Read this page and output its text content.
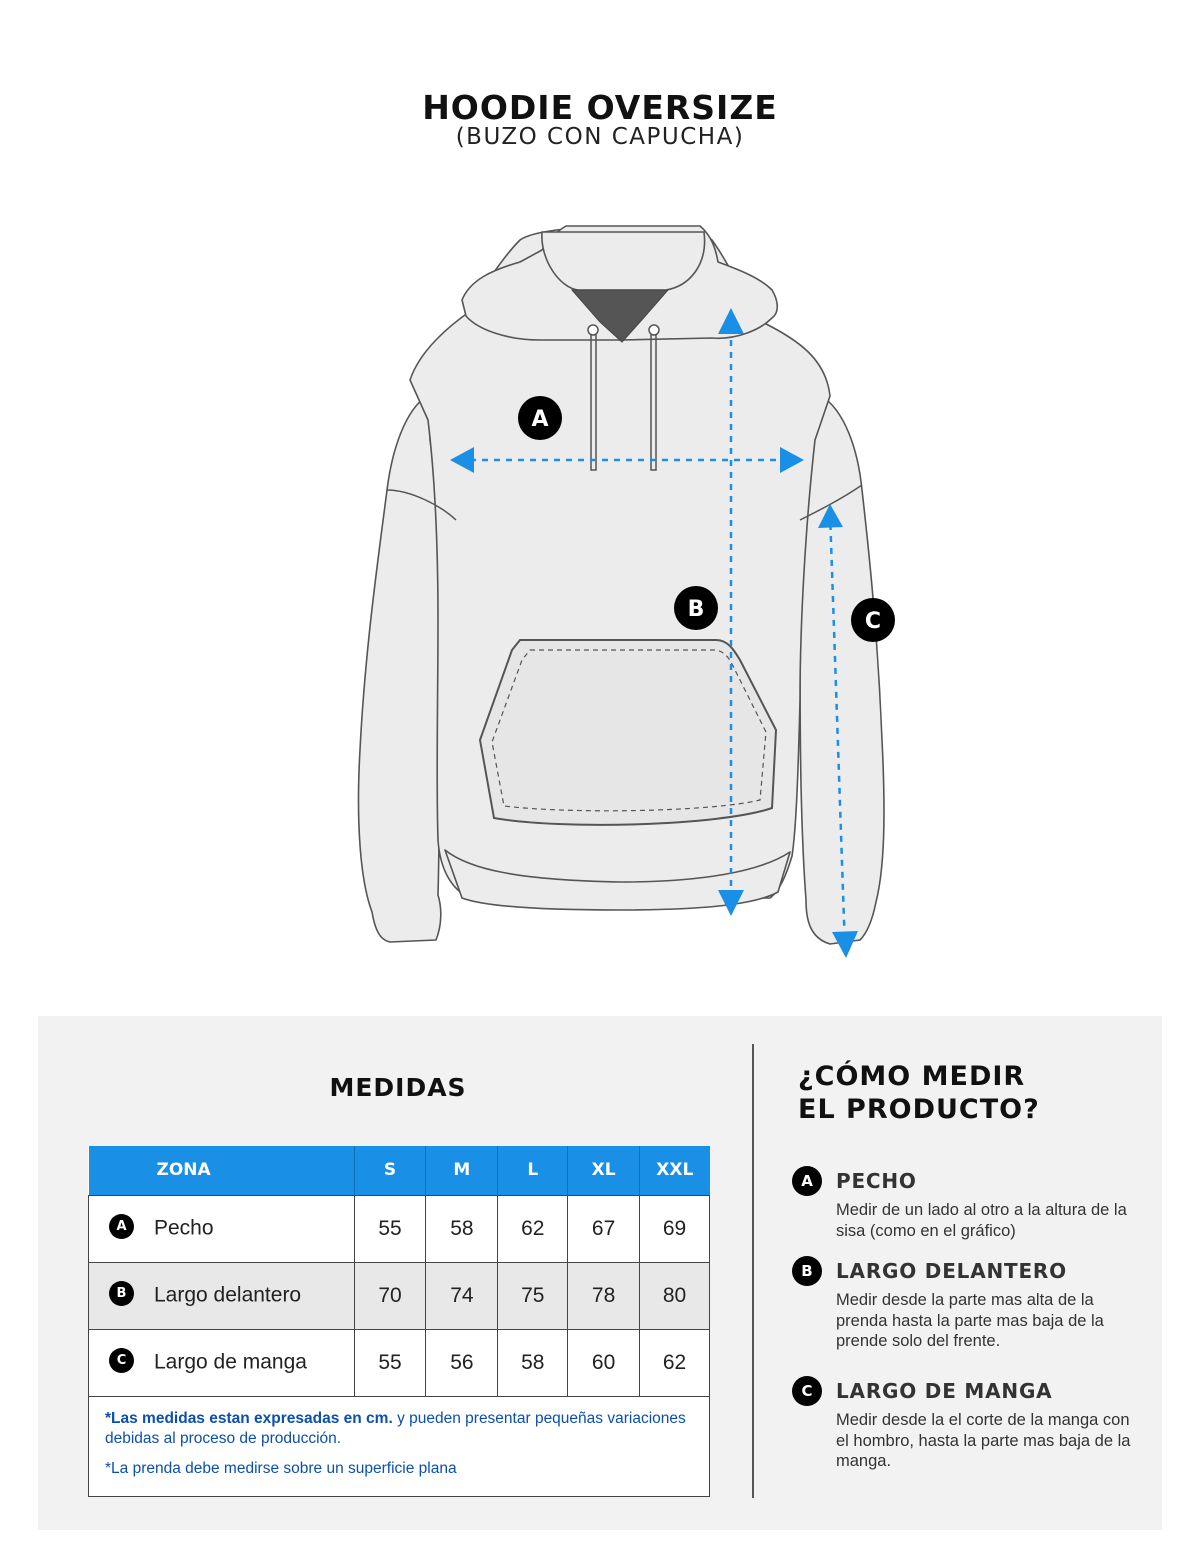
HOODIE OVERSIZE
(BUZO CON CAPUCHA)
A
B	C
MEDIDAS
ZONA	S	M	L	XL	XXL
A Pecho	55	58	62	67	69
B Largo delantero	70	74	75	78	80
C Largo de manga	55	56	58	60	62

*Las medidas estan expresadas en cm. y pueden presentar pequeñas variaciones debidas al proceso de producción.

*La prenda debe medirse sobre un superficie plana					

¿CÓMO MEDIR
EL PRODUCTO?
A	PECHO
Medir de un lado al otro a la altura de la sisa (como en el gráfico)
B	LARGO DELANTERO
Medir desde la parte mas alta de la prenda hasta la parte mas baja de la prende solo del frente.
C	LARGO DE MANGA
Medir desde la el corte de la manga con el hombro, hasta la parte mas baja de la manga.
